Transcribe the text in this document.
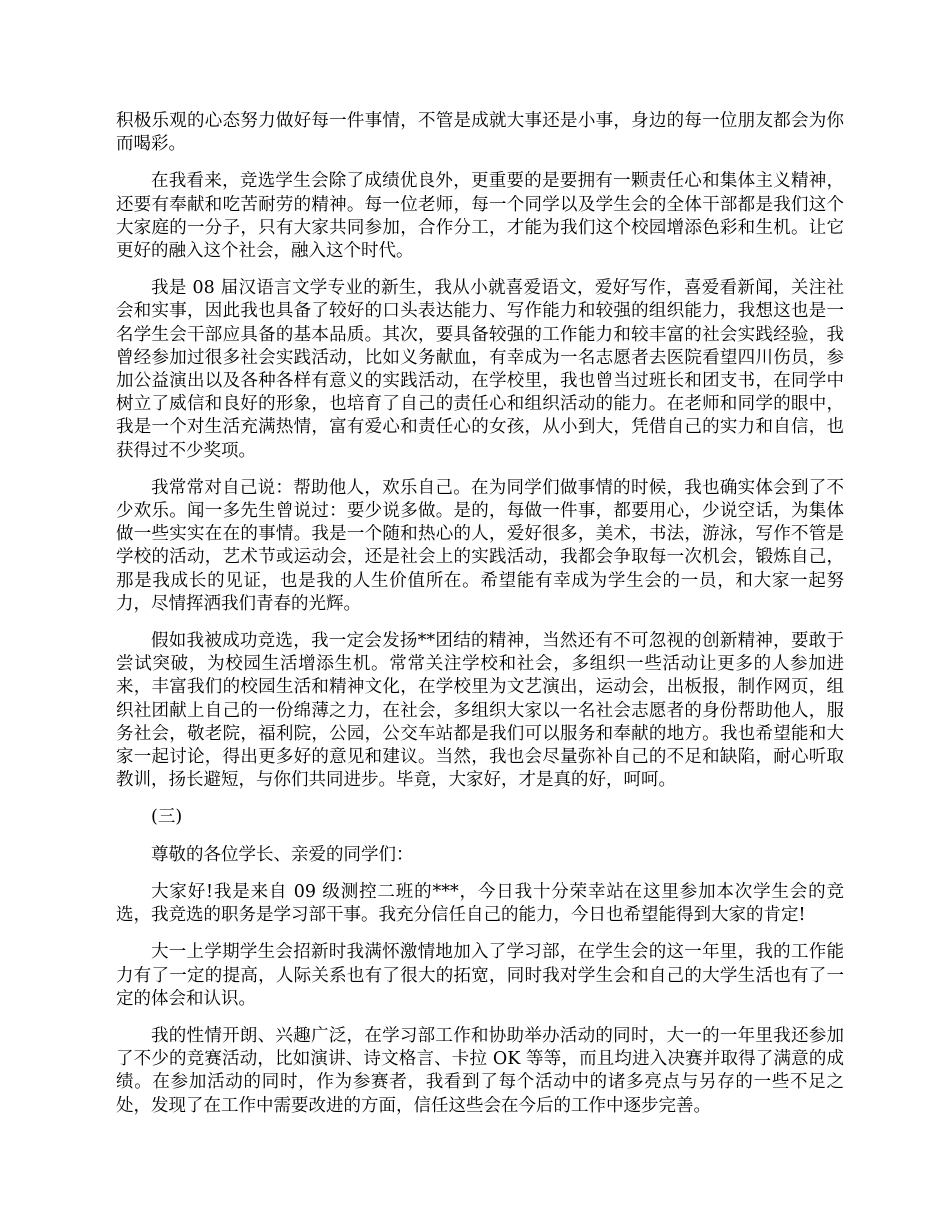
积极乐观的心态努力做好每一件事情，不管是成就大事还是小事，身边的每一位朋友都会为你而喝彩。

在我看来，竞选学生会除了成绩优良外，更重要的是要拥有一颗责任心和集体主义精神，还要有奉献和吃苦耐劳的精神。每一位老师，每一个同学以及学生会的全体干部都是我们这个大家庭的一分子，只有大家共同参加，合作分工，才能为我们这个校园增添色彩和生机。让它更好的融入这个社会，融入这个时代。

我是 08 届汉语言文学专业的新生，我从小就喜爱语文，爱好写作，喜爱看新闻，关注社会和实事，因此我也具备了较好的口头表达能力、写作能力和较强的组织能力，我想这也是一名学生会干部应具备的基本品质。其次，要具备较强的工作能力和较丰富的社会实践经验，我曾经参加过很多社会实践活动，比如义务献血，有幸成为一名志愿者去医院看望四川伤员，参加公益演出以及各种各样有意义的实践活动，在学校里，我也曾当过班长和团支书，在同学中树立了威信和良好的形象，也培育了自己的责任心和组织活动的能力。在老师和同学的眼中，我是一个对生活充满热情，富有爱心和责任心的女孩，从小到大，凭借自己的实力和自信，也获得过不少奖项。

我常常对自己说：帮助他人，欢乐自己。在为同学们做事情的时候，我也确实体会到了不少欢乐。闻一多先生曾说过：要少说多做。是的，每做一件事，都要用心，少说空话，为集体做一些实实在在的事情。我是一个随和热心的人，爱好很多，美术，书法，游泳，写作不管是学校的活动，艺术节或运动会，还是社会上的实践活动，我都会争取每一次机会，锻炼自己，那是我成长的见证，也是我的人生价值所在。希望能有幸成为学生会的一员，和大家一起努力，尽情挥洒我们青春的光辉。

假如我被成功竞选，我一定会发扬**团结的精神，当然还有不可忽视的创新精神，要敢于尝试突破，为校园生活增添生机。常常关注学校和社会，多组织一些活动让更多的人参加进来，丰富我们的校园生活和精神文化，在学校里为文艺演出，运动会，出板报，制作网页，组织社团献上自己的一份绵薄之力，在社会，多组织大家以一名社会志愿者的身份帮助他人，服务社会，敬老院，福利院，公园，公交车站都是我们可以服务和奉献的地方。我也希望能和大家一起讨论，得出更多好的意见和建议。当然，我也会尽量弥补自己的不足和缺陷，耐心听取教训，扬长避短，与你们共同进步。毕竟，大家好，才是真的好，呵呵。

(三)

尊敬的各位学长、亲爱的同学们：

大家好!我是来自 09 级测控二班的***，今日我十分荣幸站在这里参加本次学生会的竞选，我竞选的职务是学习部干事。我充分信任自己的能力，今日也希望能得到大家的肯定!

大一上学期学生会招新时我满怀激情地加入了学习部，在学生会的这一年里，我的工作能力有了一定的提高，人际关系也有了很大的拓宽，同时我对学生会和自己的大学生活也有了一定的体会和认识。

我的性情开朗、兴趣广泛，在学习部工作和协助举办活动的同时，大一的一年里我还参加了不少的竞赛活动，比如演讲、诗文格言、卡拉 OK 等等，而且均进入决赛并取得了满意的成绩。在参加活动的同时，作为参赛者，我看到了每个活动中的诸多亮点与另存的一些不足之处，发现了在工作中需要改进的方面，信任这些会在今后的工作中逐步完善。
